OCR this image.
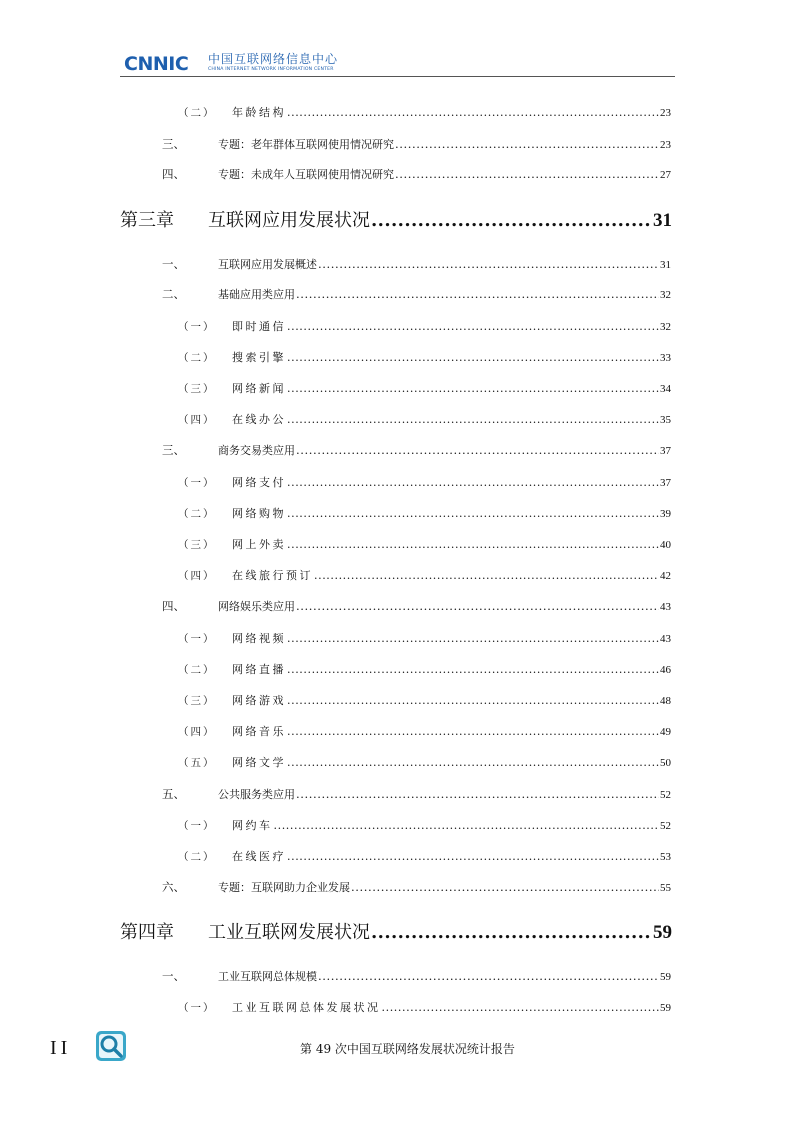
CNNIC 中国互联网络信息中心
CHINA INTERNET NETWORK INFORMATION CENTER
（二）	年龄结构 .....	23
三、	专题：老年群体互联网使用情况研究 .....	23
四、	专题：未成年人互联网使用情况研究 .....	27
第三章	互联网应用发展状况 .....	31
一、	互联网应用发展概述 .....	31
二、	基础应用类应用 .....	32
（一）	即时通信 .....	32
（二）	搜索引擎 .....	33
（三）	网络新闻 .....	34
（四）	在线办公 .....	35
三、	商务交易类应用 .....	37
（一）	网络支付 .....	37
（二）	网络购物 .....	39
（三）	网上外卖 .....	40
（四）	在线旅行预订 .....	42
四、	网络娱乐类应用 .....	43
（一）	网络视频 .....	43
（二）	网络直播 .....	46
（三）	网络游戏 .....	48
（四）	网络音乐 .....	49
（五）	网络文学 .....	50
五、	公共服务类应用 .....	52
（一）	网约车 .....	52
（二）	在线医疗 .....	53
六、	专题：互联网助力企业发展 .....	55
第四章	工业互联网发展状况 .....	59
一、	工业互联网总体规模 .....	59
（一）	工业互联网总体发展状况 .....	59
II	第 49 次中国互联网络发展状况统计报告
